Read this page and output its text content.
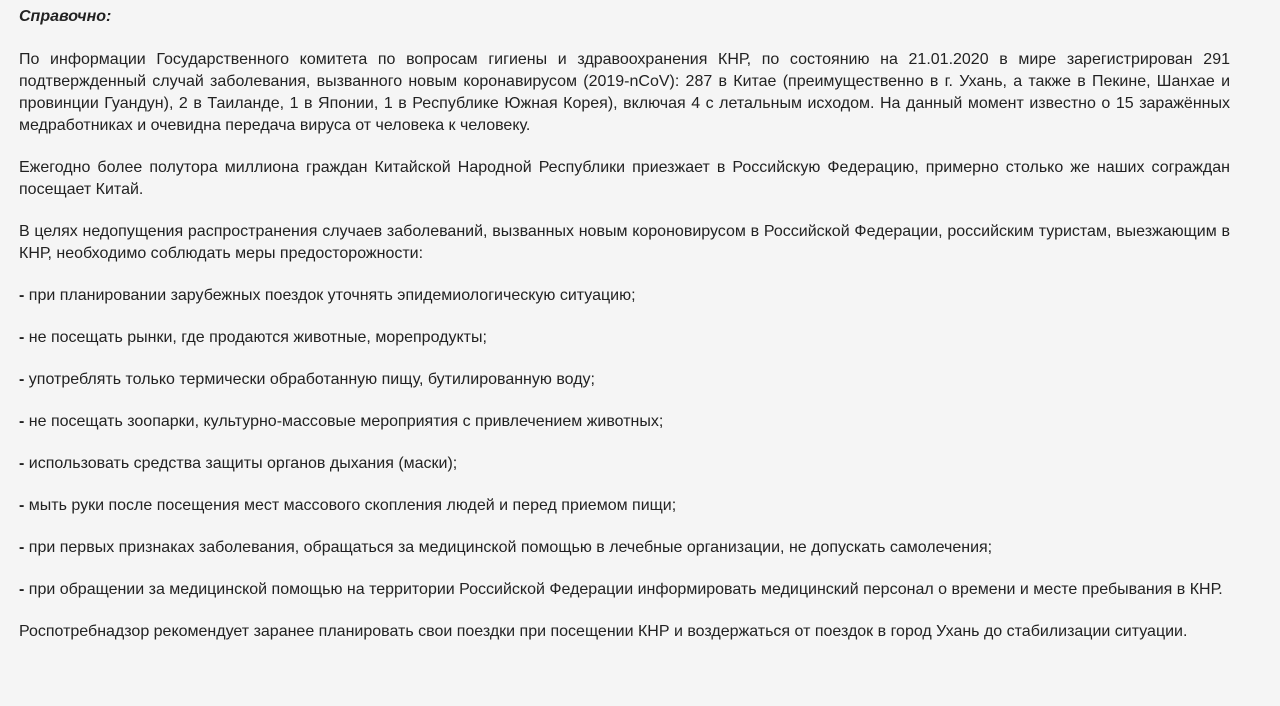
Справочно:

По информации Государственного комитета по вопросам гигиены и здравоохранения КНР, по состоянию на 21.01.2020 в мире зарегистрирован 291 подтвержденный случай заболевания, вызванного новым коронавирусом (2019-nCoV): 287 в Китае (преимущественно в г. Ухань, а также в Пекине, Шанхае и провинции Гуандун), 2 в Таиланде, 1 в Японии, 1 в Республике Южная Корея), включая 4 с летальным исходом. На данный момент известно о 15 заражённых медработниках и очевидна передача вируса от человека к человеку.

Ежегодно более полутора миллиона граждан Китайской Народной Республики приезжает в Российскую Федерацию, примерно столько же наших сограждан посещает Китай.

В целях недопущения распространения случаев заболеваний, вызванных новым короновирусом в Российской Федерации, российским туристам, выезжающим в КНР, необходимо соблюдать меры предосторожности:

- при планировании зарубежных поездок уточнять эпидемиологическую ситуацию;
- не посещать рынки, где продаются животные, морепродукты;
- употреблять только термически обработанную пищу, бутилированную воду;
- не посещать зоопарки, культурно-массовые мероприятия с привлечением животных;
- использовать средства защиты органов дыхания (маски);
- мыть руки после посещения мест массового скопления людей и перед приемом пищи;
- при первых признаках заболевания, обращаться за медицинской помощью в лечебные организации, не допускать самолечения;
- при обращении за медицинской помощью на территории Российской Федерации информировать медицинский персонал о времени и месте пребывания в КНР.

Роспотребнадзор рекомендует заранее планировать свои поездки при посещении КНР и воздержаться от поездок в город Ухань до стабилизации ситуации.
